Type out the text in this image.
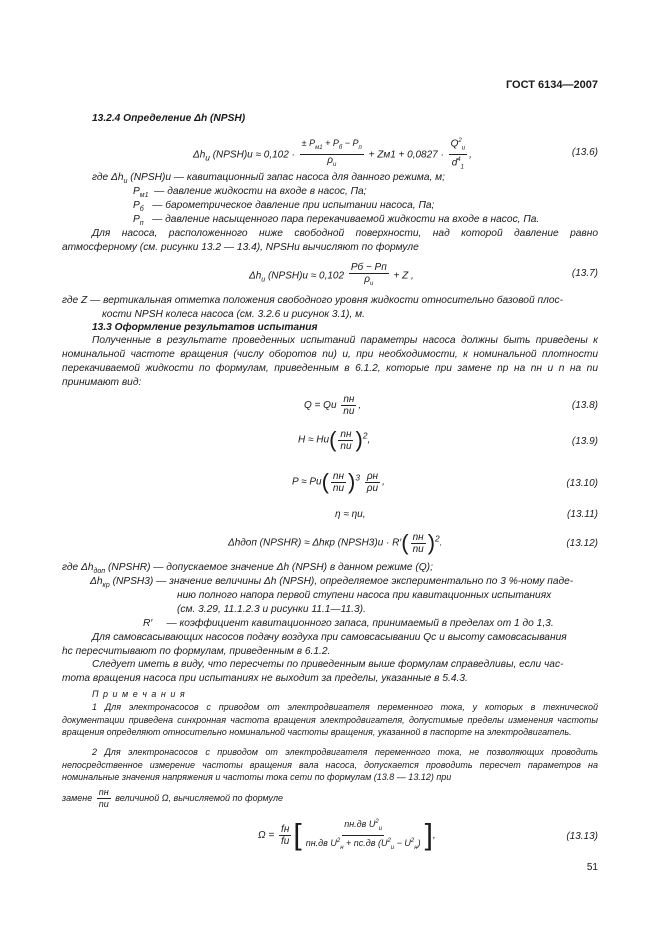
ГОСТ 6134—2007
13.2.4 Определение Δh (NPSH)
$\Delta h_и$ (NPSH)и ≈ $0,102 \cdot \frac{\pm P_{м1} + P_б - P_п}{\rho_и} + Zм1 + 0,0827 \cdot \frac{Q^2_и}{d^4_1}$ ,	(13.6)
где $\Delta h_и$ (NPSH)и — кавитационный запас насоса для данного режима, м;
$P_{м1}$ — давление жидкости на входе в насос, Па;
$P_б$ — барометрическое давление при испытании насоса, Па;
$P_п$ — давление насыщенного пара перекачиваемой жидкости на входе в насос, Па.
Для насоса, расположенного ниже свободной поверхности, над которой давление равно атмосферному (см. рисунки 13.2 — 13.4), NPSHи вычисляют по формуле
$\Delta h_и$ (NPSH)и ≈ $0,102 \frac{Pб - Pп}{\rho_и} + Z$ ,	(13.7)
где Z — вертикальная отметка положения свободного уровня жидкости относительно базовой плос-
кости NPSH колеса насоса (см. 3.2.6 и рисунок 3.1), м.
13.3 Оформление результатов испытания
Полученные в результате проведенных испытаний параметры насоса должны быть приведены к номинальной частоте вращения (числу оборотов nи) и, при необходимости, к номинальной плотности перекачиваемой жидкости по формулам, приведенным в 6.1.2, которые при замене nр на nн и n на nи принимают вид:
Q = Qи $\frac{nн}{nи}$ ,	(13.8)
$H \approx Hи( \frac{nн}{nи} )^2$,	(13.9)
$P \approx Pи( \frac{nн}{nи} )^3 \frac{\rho н}{\rho и}$ ,	(13.10)
η ≈ ηи,	(13.11)
Δhдоп (NPSHR) ≈ Δhкр (NPSH3)и · $R'( \frac{nн}{nи} )^2$.	(13.12)
где $\Delta h_{доп}$ (NPSHR) — допускаемое значение Δh (NPSH) в данном режиме (Q);
$\Delta h_{кр}$ (NPSH3) — значение величины Δh (NPSH), определяемое экспериментально по 3 %-ному паде-
нию полного напора первой ступени насоса при кавитационных испытаниях
(см. 3.29, 11.1.2.3 и рисунки 11.1—11.3).
R′ — коэффициент кавитационного запаса, принимаемый в пределах от 1 до 1,3.
Для самовсасывающих насосов подачу воздуха при самовсасывании Qс и высоту самовсасывания
hс пересчитывают по формулам, приведенным в 6.1.2.
Следует иметь в виду, что пересчеты по приведенным выше формулам справедливы, если час-
тота вращения насоса при испытаниях не выходит за пределы, указанные в 5.4.3.
П р и м е ч а н и я
1 Для электронасосов с приводом от электродвигателя переменного тока, у которых в технической документации приведена синхронная частота вращения электродвигателя, допустимые пределы изменения частоты вращения определяют относительно номинальной частоты вращения, указанной в паспорте на электродвигатель.
2 Для электронасосов с приводом от электродвигателя переменного тока, не позволяющих проводить непосредственное измерение частоты вращения вала насоса, допускается проводить пересчет параметров на номинальные значения напряжения и частоты тока сети по формулам (13.8 — 13.12) при
замене $\frac{nн}{nи}$ величиной Ω, вычисляемой по формуле
$\Omega = \frac{fн}{fи}$ [ $\frac{nн.дв U^2_и}{nн.дв U^2_н + nс.дв (U^2_и - U^2_н)}$ ],	(13.13)
51
